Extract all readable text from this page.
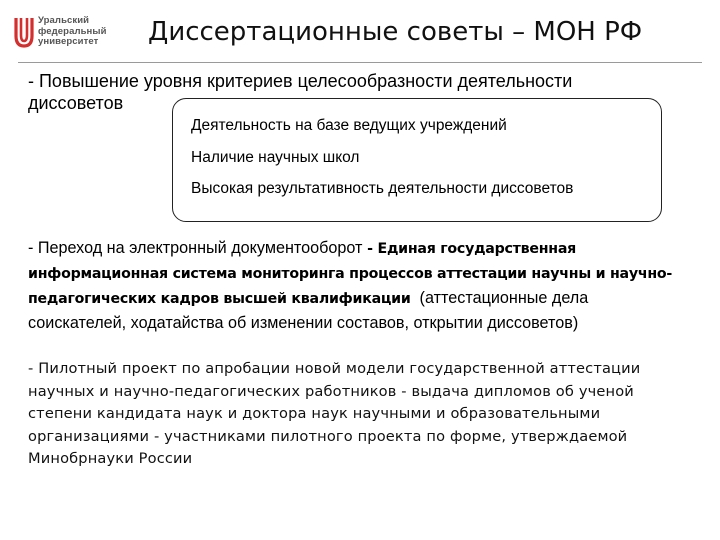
Уральский
федеральный
университет	Диссертационные советы – МОН РФ
- Повышение уровня критериев целесообразности деятельности
диссоветов
Деятельность на базе ведущих учреждений
Наличие научных школ
Высокая результативность деятельности диссоветов
- Переход на электронный документооборот - Единая государственная
информационная система мониторинга процессов аттестации научны и научно-
педагогических кадров высшей квалификации  (аттестационные дела
соискателей, ходатайства об изменении составов, открытии диссоветов)
- Пилотный проект по апробации новой модели государственной аттестации
научных и научно-педагогических работников - выдача дипломов об ученой
степени кандидата наук и доктора наук научными и образовательными
организациями - участниками пилотного проекта по форме, утверждаемой
Минобрнауки России
